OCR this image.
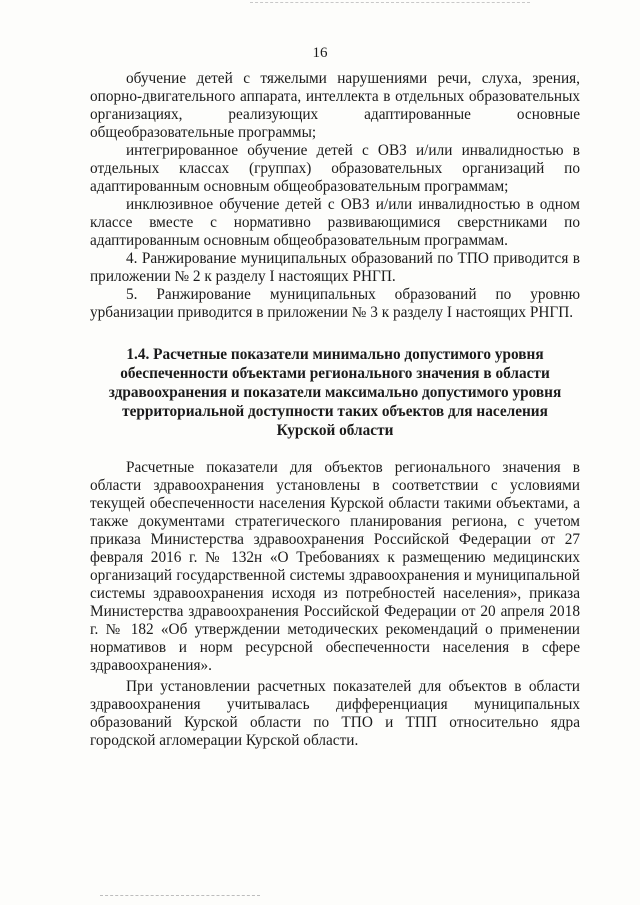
16

обучение детей с тяжелыми нарушениями речи, слуха, зрения, опорно-двигательного аппарата, интеллекта в отдельных образовательных организациях, реализующих адаптированные основные общеобразовательные программы;

интегрированное обучение детей с ОВЗ и/или инвалидностью в отдельных классах (группах) образовательных организаций по адаптированным основным общеобразовательным программам;

инклюзивное обучение детей с ОВЗ и/или инвалидностью в одном классе вместе с нормативно развивающимися сверстниками по адаптированным основным общеобразовательным программам.

4. Ранжирование муниципальных образований по ТПО приводится в приложении № 2 к разделу I настоящих РНГП.

5. Ранжирование муниципальных образований по уровню урбанизации приводится в приложении № 3 к разделу I настоящих РНГП.

1.4. Расчетные показатели минимально допустимого уровня обеспеченности объектами регионального значения в области здравоохранения и показатели максимально допустимого уровня территориальной доступности таких объектов для населения Курской области

Расчетные показатели для объектов регионального значения в области здравоохранения установлены в соответствии с условиями текущей обеспеченности населения Курской области такими объектами, а также документами стратегического планирования региона, с учетом приказа Министерства здравоохранения Российской Федерации от 27 февраля 2016 г. № 132н «О Требованиях к размещению медицинских организаций государственной системы здравоохранения и муниципальной системы здравоохранения исходя из потребностей населения», приказа Министерства здравоохранения Российской Федерации от 20 апреля 2018 г. № 182 «Об утверждении методических рекомендаций о применении нормативов и норм ресурсной обеспеченности населения в сфере здравоохранения».

При установлении расчетных показателей для объектов в области здравоохранения учитывалась дифференциация муниципальных образований Курской области по ТПО и ТПП относительно ядра городской агломерации Курской области.
